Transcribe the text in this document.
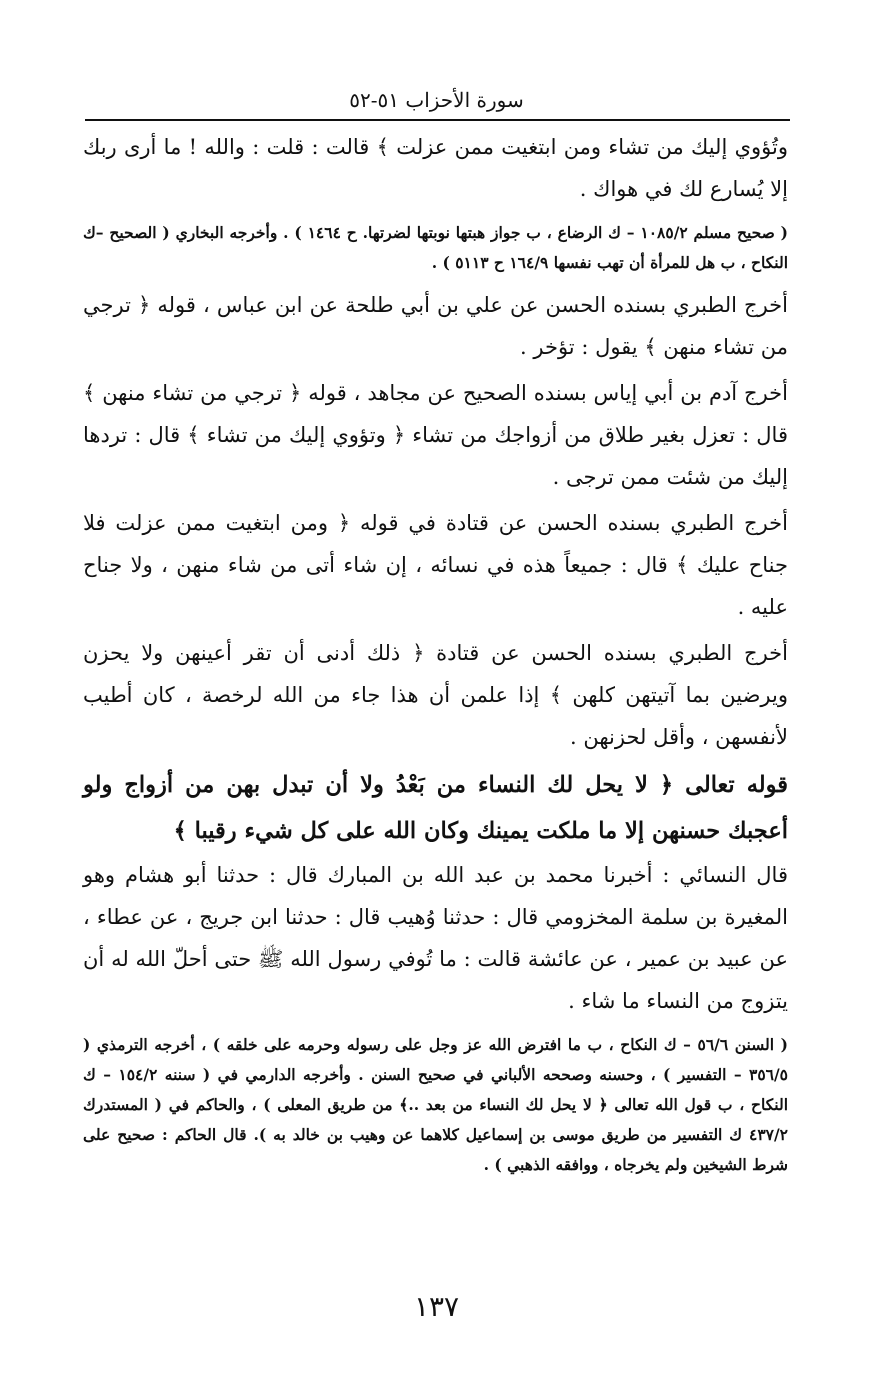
سورة الأحزاب ٥١-٥٢

وتُؤوي إليك من تشاء ومن ابتغيت ممن عزلت ﴾ قالت : قلت : والله ! ما أرى ربك إلا يُسارع لك في هواك .

( صحيح مسلم ١٠٨٥/٢ – ك الرضاع ، ب جواز هبتها نوبتها لضرتها. ح ١٤٦٤ ) . وأخرجه البخاري ( الصحيح –ك النكاح ، ب هل للمرأة أن تهب نفسها ١٦٤/٩ ح ٥١١٣ ) .

أخرج الطبري بسنده الحسن عن علي بن أبي طلحة عن ابن عباس ، قوله ﴿ ترجي من تشاء منهن ﴾ يقول : تؤخر .

أخرج آدم بن أبي إياس بسنده الصحيح عن مجاهد ، قوله ﴿ ترجي من تشاء منهن ﴾ قال : تعزل بغير طلاق من أزواجك من تشاء ﴿ وتؤوي إليك من تشاء ﴾ قال : تردها إليك من شئت ممن ترجى .

أخرج الطبري بسنده الحسن عن قتادة في قوله ﴿ ومن ابتغيت ممن عزلت فلا جناح عليك ﴾ قال : جميعاً هذه في نسائه ، إن شاء أتى من شاء منهن ، ولا جناح عليه .

أخرج الطبري بسنده الحسن عن قتادة ﴿ ذلك أدنى أن تقر أعينهن ولا يحزن ويرضين بما آتيتهن كلهن ﴾ إذا علمن أن هذا جاء من الله لرخصة ، كان أطيب لأنفسهن ، وأقل لحزنهن .

قوله تعالى ﴿ لا يحل لك النساء من بَعْدُ ولا أن تبدل بهن من أزواج ولو أعجبك حسنهن إلا ما ملكت يمينك وكان الله على كل شيء رقيبا ﴾

قال النسائي : أخبرنا محمد بن عبد الله بن المبارك قال : حدثنا أبو هشام وهو المغيرة بن سلمة المخزومي قال : حدثنا وُهيب قال : حدثنا ابن جريج ، عن عطاء ، عن عبيد بن عمير ، عن عائشة قالت : ما تُوفي رسول الله ﷺ حتى أحلّ الله له أن يتزوج من النساء ما شاء .

( السنن ٥٦/٦ – ك النكاح ، ب ما افترض الله عز وجل على رسوله وحرمه على خلقه ) ، أخرجه الترمذي ( ٣٥٦/٥ – التفسير ) ، وحسنه وصححه الألباني في صحيح السنن . وأخرجه الدارمي في ( سننه ١٥٤/٢ – ك النكاح ، ب قول الله تعالى ﴿ لا يحل لك النساء من بعد ..﴾ من طريق المعلى ) ، والحاكم في ( المستدرك ٤٣٧/٢ ك التفسير من طريق موسى بن إسماعيل كلاهما عن وهيب بن خالد به ). قال الحاكم : صحيح على شرط الشيخين ولم يخرجاه ، ووافقه الذهبي ) .

١٣٧
